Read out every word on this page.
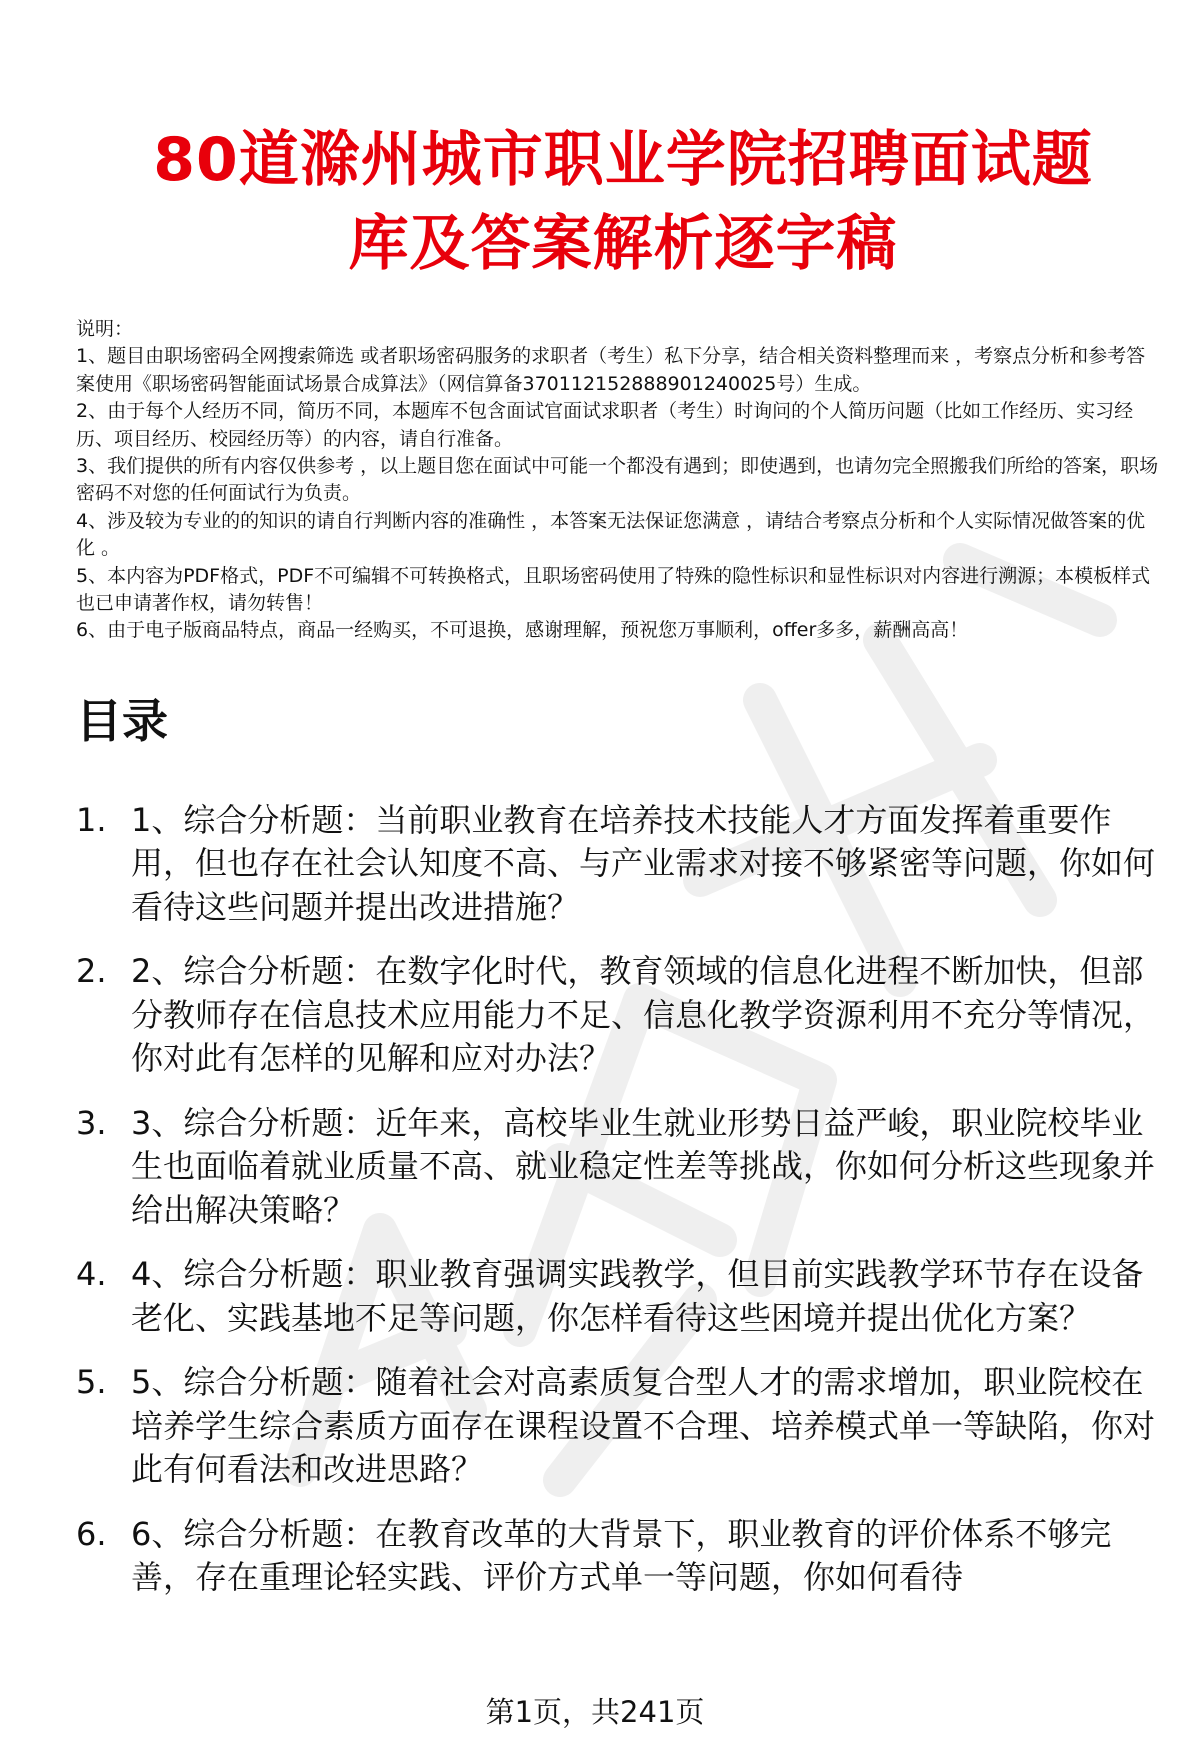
80道滁州城市职业学院招聘面试题
库及答案解析逐字稿

说明：

1、题目由职场密码全网搜索筛选 或者职场密码服务的求职者（考生）私下分享，结合相关资料整理而来 ，考察点分析和参考答案使用《职场密码智能面试场景合成算法》（网信算备370112152888901240025号）生成。

2、由于每个人经历不同，简历不同，本题库不包含面试官面试求职者（考生）时询问的个人简历问题（比如工作经历、实习经历、项目经历、校园经历等）的内容，请自行准备。

3、我们提供的所有内容仅供参考 ，以上题目您在面试中可能一个都没有遇到；即使遇到，也请勿完全照搬我们所给的答案，职场密码不对您的任何面试行为负责。

4、涉及较为专业的的知识的请自行判断内容的准确性 ，本答案无法保证您满意 ，请结合考察点分析和个人实际情况做答案的优化 。

5、本内容为PDF格式，PDF不可编辑不可转换格式，且职场密码使用了特殊的隐性标识和显性标识对内容进行溯源；本模板样式也已申请著作权，请勿转售！

6、由于电子版商品特点，商品一经购买，不可退换，感谢理解，预祝您万事顺利，offer多多，薪酬高高！

目录
1. 1、综合分析题：当前职业教育在培养技术技能人才方面发挥着重要作用，但也存在社会认知度不高、与产业需求对接不够紧密等问题，你如何看待这些问题并提出改进措施？
2. 2、综合分析题：在数字化时代，教育领域的信息化进程不断加快，但部分教师存在信息技术应用能力不足、信息化教学资源利用不充分等情况，你对此有怎样的见解和应对办法？
3. 3、综合分析题：近年来，高校毕业生就业形势日益严峻，职业院校毕业生也面临着就业质量不高、就业稳定性差等挑战，你如何分析这些现象并给出解决策略？
4. 4、综合分析题：职业教育强调实践教学，但目前实践教学环节存在设备老化、实践基地不足等问题，你怎样看待这些困境并提出优化方案？
5. 5、综合分析题：随着社会对高素质复合型人才的需求增加，职业院校在培养学生综合素质方面存在课程设置不合理、培养模式单一等缺陷，你对此有何看法和改进思路？
6. 6、综合分析题：在教育改革的大背景下，职业教育的评价体系不够完善，存在重理论轻实践、评价方式单一等问题，你如何看待
第1页，共241页
